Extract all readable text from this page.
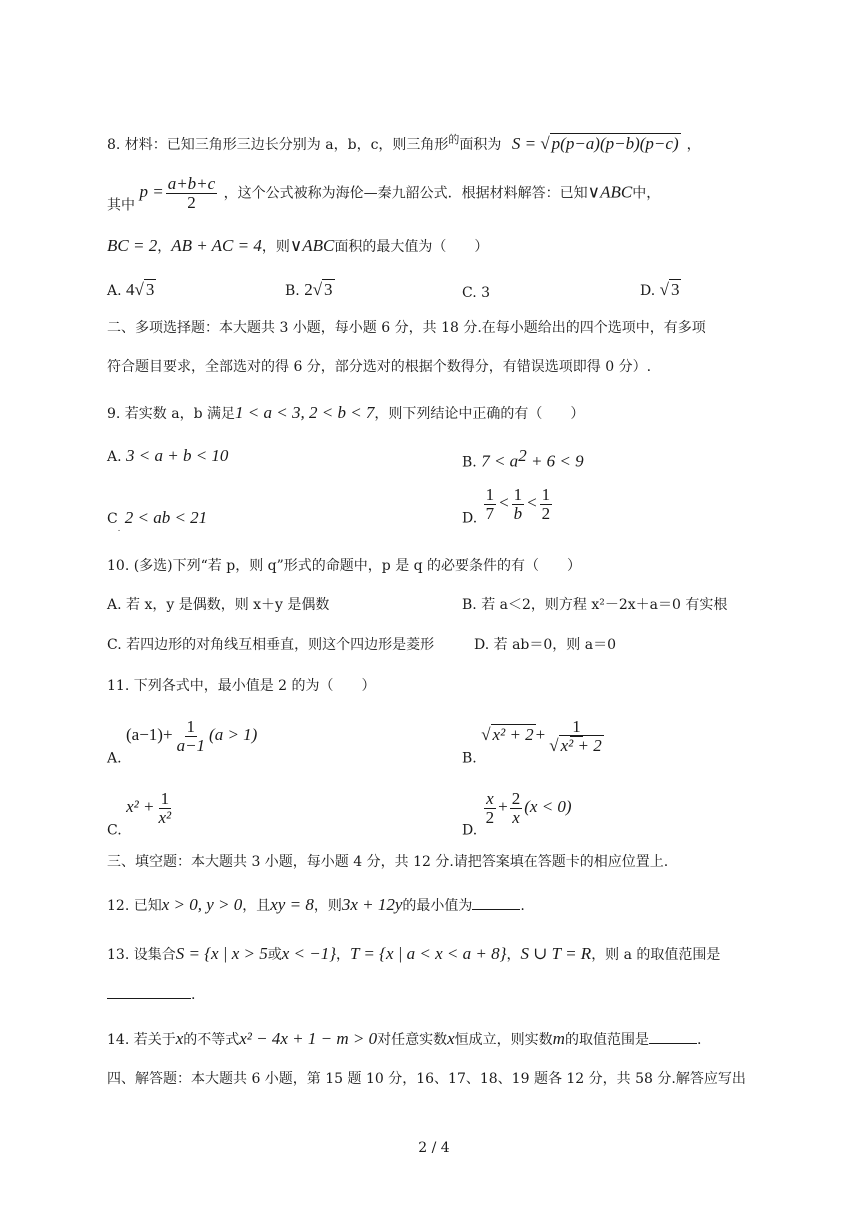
8. 材料：已知三角形三边长分别为 a，b，c，则三角形$^的$面积为 S = √ p(p−a)(p−b)(p−c) ，
其中 $p = \frac{a+b+c}{2}$ ，这个公式被称为海伦—秦九韶公式．根据材料解答：已知∨ABC中，
BC = 2，AB + AC = 4，则∨ABC面积的最大值为（　　）
A. 4√ 3	B. 2√ 3	C. 3	D. √ 3
二、多项选择题：本大题共 3 小题，每小题 6 分，共 18 分.在每小题给出的四个选项中，有多项
符合题目要求，全部选对的得 6 分，部分选对的根据个数得分，有错误选项即得 0 分）.
9. 若实数 a，b 满足1 < a < 3, 2 < b < 7，则下列结论中正确的有（　　）
A. 3 < a + b < 10	B. $7 < a^2 + 6 < 9$
$C_.$ 2 < ab < 21	D. $\frac{1}{7} < \frac{1}{b} < \frac{1}{2}$
10. (多选)下列“若 p，则 q”形式的命题中，p 是 q 的必要条件的有（　　）
A. 若 x，y 是偶数，则 x＋y 是偶数	B. 若 a＜2，则方程 x²－2x＋a＝0 有实根
C. 若四边形的对角线互相垂直，则这个四边形是菱形	D. 若 ab＝0，则 a＝0
11. 下列各式中，最小值是 2 的为（　　）
A. $(a-1)+ \frac{1}{a-1} (a > 1)$
B. √ $x^2 + 2 + \frac{1}{\text{√ x² + 2}}$
C. $x^2 + \frac{1}{\text{x²}}$
D.
$\frac{x}{2} + \frac{2}{x} (x < 0)$
三、填空题：本大题共 3 小题，每小题 4 分，共 12 分.请把答案填在答题卡的相应位置上.
12. 已知x > 0, y > 0，且xy = 8，则3x + 12y的最小值为	.
13. 设集合S = {x | x > 5或x < −1}，T = {x | a < x < a + 8}，S ∪ T = R，则 a 的取值范围是
.
14. 若关于x的不等式x² − 4x + 1 − m > 0对任意实数x恒成立，则实数m的取值范围是	.
四、解答题：本大题共 6 小题，第 15 题 10 分，16、17、18、19 题各 12 分，共 58 分.解答应写出
2 / 4
